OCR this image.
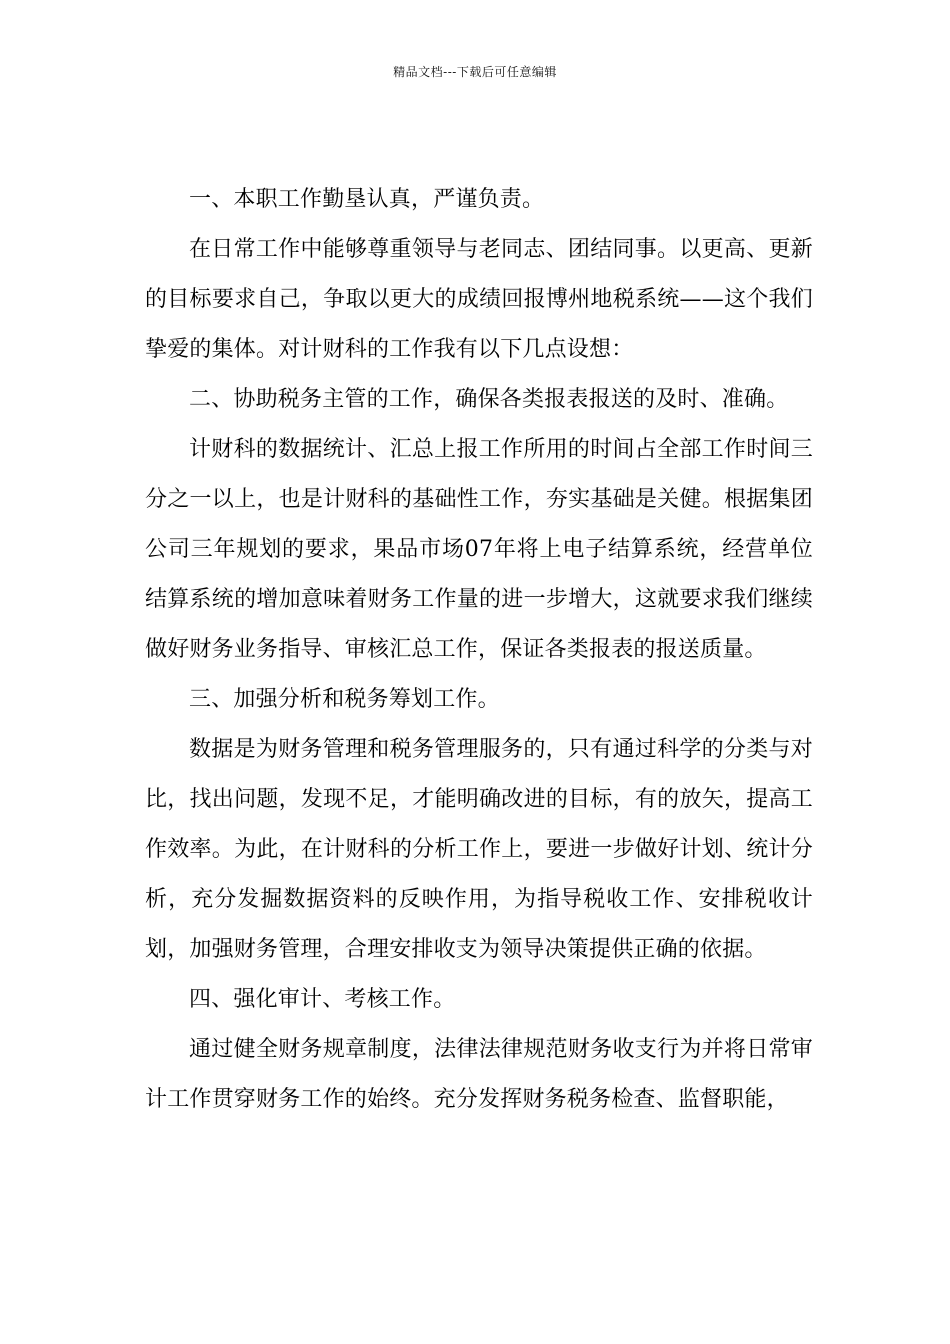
精品文档---下载后可任意编辑

一、本职工作勤垦认真，严谨负责。

在日常工作中能够尊重领导与老同志、团结同事。以更高、更新的目标要求自己，争取以更大的成绩回报博州地税系统——这个我们挚爱的集体。对计财科的工作我有以下几点设想：

二、协助税务主管的工作，确保各类报表报送的及时、准确。

计财科的数据统计、汇总上报工作所用的时间占全部工作时间三分之一以上，也是计财科的基础性工作，夯实基础是关健。根据集团公司三年规划的要求，果品市场07年将上电子结算系统，经营单位结算系统的增加意味着财务工作量的进一步增大，这就要求我们继续做好财务业务指导、审核汇总工作，保证各类报表的报送质量。

三、加强分析和税务筹划工作。

数据是为财务管理和税务管理服务的，只有通过科学的分类与对比，找出问题，发现不足，才能明确改进的目标，有的放矢，提高工作效率。为此，在计财科的分析工作上，要进一步做好计划、统计分析，充分发掘数据资料的反映作用，为指导税收工作、安排税收计划，加强财务管理，合理安排收支为领导决策提供正确的依据。

四、强化审计、考核工作。

通过健全财务规章制度，法律法律规范财务收支行为并将日常审计工作贯穿财务工作的始终。充分发挥财务税务检查、监督职能，
